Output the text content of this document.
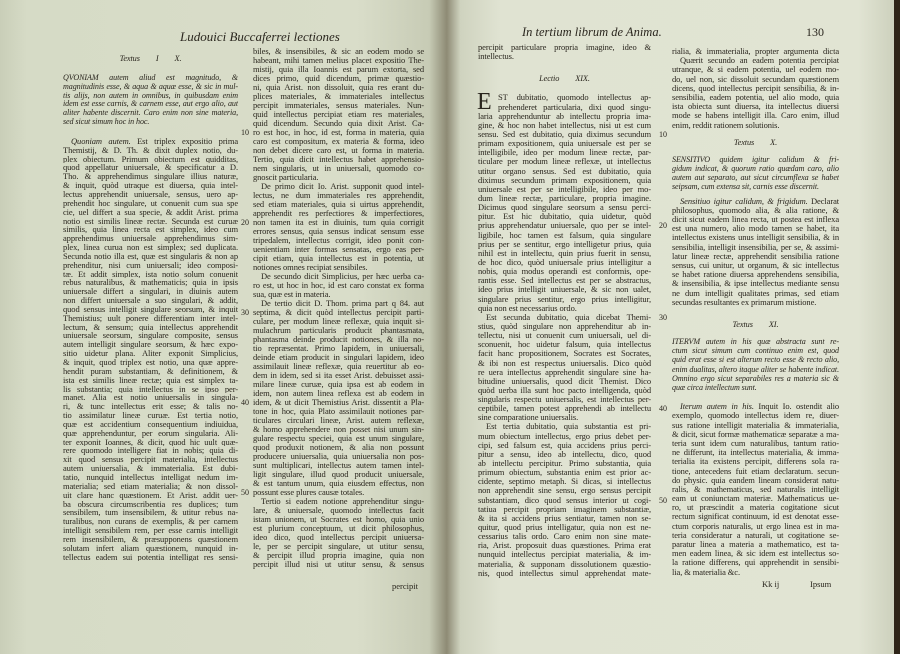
Ludouici Buccaferrei lectiones	In tertium librum de Anima.	130
Textus I X.
QVONIAM autem aliud est magnitudo, &
magnitudinis esse, & aqua & aquæ esse, & sic in mul-
tis alijs, non autem in omnibus, in quibusdam enim
idem est esse carnis, & carnem esse, aut ergo alio, aut
aliter habente discernit. Caro enim non sine materia,
sed sicut simum hoc in hoc.
Quoniam autem. Est triplex expositio prima
Themistij, & D. Th. & dixit duplex notio, du-
plex obiectum. Primum obiectum est quidditas,
quod appellatur uniuersale, & specificatur a D.
Tho. & apprehendimus singulare illius naturæ,
& inquit, quòd utraque est diuersa, quia intel-
lectus apprehendit uniuersale, sensus, uero ap-
prehendit hoc singulare, ut conuenit cum sua spe
cie, uel differt a sua specie, & addit Arist. prima
notio est similis lineæ rectæ. Secunda est curuæ
similis, quia linea recta est simplex, ideo cum
apprehendimus uniuersale apprehendimus sim-
plex, linea curua non est simplex; sed duplicata.
Secunda notio illa est, quæ est singularis & non ap
prehenditur, nisi cum uniuersali; ideo composi-
tæ. Et addit simplex, ista notio solum conuenit
rebus naturalibus, & mathematicis; quia in ipsis
uniuersale differt a singulari, in diuinis autem
non differt uniuersale a suo singulari, & addit,
quod sensus intelligit singulare seorsum, & inquit
Themistius; uult ponere differentiam inter intel-
lectum, & sensum; quia intellectus apprehendit
uniuersale seorsum, singulare composite, sensus
autem intelligit singulare seorsum, & hæc expo-
sitio uidetur plana. Aliter exponit Simplicius,
& inquit, quod triplex est notio, una quæ appre-
hendit puram substantiam, & definitionem, &
ista est similis lineæ rectæ; quia est simplex ta-
lis substantia; quia intellectus in se ipso per-
manet. Alia est notio uniuersalis in singula-
ri, & tunc intellectus erit esse; & talis no-
tio assimilatur lineæ curuæ. Est tertia notio,
quæ est accidentium consequentium indiuidua,
quæ apprehenduntur, per eorum singularia. Ali-
ter exponit Ioannes, & dicit, quod hic uult quæ-
rere quomodo intelligere fiat in nobis; quia di-
xit quod sensus percipit materialia, intellectus
autem uniuersalia, & immaterialia. Est dubi-
tatio, nunquid intellectus intelligat nedum im-
materialia; sed etiam materialia; & non dissol-
uit clare hanc quæstionem. Et Arist. addit uer-
ba obscura circumscribentia res duplices; tum
sensibilem, tum insensibilem, & utitur rebus na-
turalibus, non curans de exemplis, & per carnem
intelligit sensibilem rem, per esse carnis intelligit
rem insensibilem, & præsupponens quæstionem
solutam infert aliam quæstionem, nunquid in-
tellectus eadem sui potentia intelligat res sensi-
biles, & insensibiles, & sic an eodem modo se
habeant, mihi tamen melius placet expositio The-
mistij, quia illa Ioannis est parum extorta, sed
dices primo, quid dicendum, primæ quæstio-
ni, quia Arist. non dissoluit, quia res erant du-
plices materiales, & immateriales intellectus
percipit immateriales, sensus materiales. Nun-
quid intellectus percipiat etiam res materiales,
quid dicendum. Secundo quia dixit Arist. Ca-
ro est hoc, in hoc, id est, forma in materia, quia
10
caro est compositum, ex materia & forma, ideo
non debet dicere caro est, ut forma in materia.
Tertio, quia dicit intellectus habet apprehensio-
nem singularis, ut in uniuersali, quomodo co-
gnoscit particularia.
De primo dicit Io. Arist. supponit quod intel-
lectus, ne dum immateriales res apprehendit,
sed etiam materiales, quia si uirtus apprehendit,
apprehendit res perfectiores & imperfectiores,
non tamen ita est in diuinis, tum quia corrigit
20
errores sensus, quia sensus indicat sensum esse
tripedalem, intellectus corrigit, ideo ponit con-
uenientiam inter formas sensatas, ergo eas per-
cipit etiam, quia intellectus est in potentia, ut
notiones omnes recipiat sensibiles.
De secundo dicit Simplicius, per hæc uerba ca-
ro est, ut hoc in hoc, id est caro constat ex forma
sua, quæ est in materia.
De tertio dicit D. Thom. prima part q 84. aut
septima, & dicit quòd intellectus percipit parti-
30
culare, per modum lineæ reflexæ, quia inquit si-
mulachrum particularis producit phantasmata,
phantasma deinde producit notiones, & illa no-
tio repræsentat. Primo lapidem, in uniuersali,
deinde etiam producit in singulari lapidem, ideo
assimilauit lineæ reflexæ, quia reuertitur ab eo-
dem in idem, sed si ita esset Arist. debuisset assi-
milare lineæ curuæ, quia ipsa est ab eodem in
idem, non autem linea reflexa est ab eodem in
idem, & ut dicit Themistius Arist. dissentit a Pla-
40
tone in hoc, quia Plato assimilauit notiones par-
ticulares circulari lineæ, Arist. autem reflexæ,
& homo apprehendere non posset nisi unum sin-
gulare respectu speciei, quia est unum singulare,
quod produxit notionem, & alia non possunt
producere uniuersalia, quia uniuersalia non pos-
sunt multiplicari, intellectus autem tamen intel-
ligit singulare, illud quod producit uniuersale,
& est tantum unum, quia eiusdem effectus, non
possunt esse plures causæ totales.
50
Tertio si eadem notione apprehenditur singu-
lare, & uniuersale, quomodo intellectus facit
istam unionem, ut Socrates est homo, quia unio
est plurium conceptuum, ut dicit philosophus,
ideo dico, quod intellectus percipit uniuersa-
le, per se percipit singulare, ut utitur sensu,
& percipit illud propria imagine, quia non
percipit illud nisi ut utitur sensu, & sensus
percipit particulare propria imagine, ideo &
intellectus.
Lectio XIX.
ST dubitatio, quomodo intellectus ap-
E prehenderet particularia, dixi quod singu-
laria apprehenduntur ab intellectu propria ima-
gine, & hoc non habet intellectus, nisi ut est cum
sensu. Sed est dubitatio, quia diximus secundum 10
primam expositionem, quia uniuersale est per se
intelligibile, ideo per modum lineæ rectæ, par-
ticulare per modum lineæ reflexæ, ut intellectus
utitur organo sensus. Sed est dubitatio, quia
diximus secundum primam expositionem, quia
uniuersale est per se intelligibile, ideo per mo-
dum lineæ rectæ, particulare, propria imagine.
Dicimus quod singulare seorsum a sensu perci-
pitur. Est hic dubitatio, quia uidetur, quòd
prius apprehendatur uniuersale, quo per se intel- 20
ligibile, hoc tamen est falsum, quia singulare
prius per se sentitur, ergo intelligetur prius, quia
nihil est in intellectu, quin prius fuerit in sensu,
de hoc dico, quòd uniuersale prius intelligitur a
nobis, quia modus operandi est conformis, ope-
rantis esse. Sed intellectus est per se abstractus,
ideo prius intelligit uniuersale, & sic non ualet,
singulare prius sentitur, ergo prius intelligitur,
quia non est necessarius ordo.
Est secunda dubitatio, quia dicebat Themi- 30
stius, quòd singulare non apprehenditur ab in-
tellectu, nisi ut conuenit cum uniuersali, uel di-
sconuenit, hoc uidetur falsum, quia intellectus
facit hanc propositionem, Socrates est Socrates,
& ibi non est respectus uniuersalis. Dico quòd
re uera intellectus apprehendit singulare sine ha-
bitudine uniuersalis, quod dicit Themist. Dico
quòd uerba illa sunt hoc pacto intelligenda, quòd
singularis respectu uniuersalis, est intellectus per-
ceptibile, tamen potest apprehendi ab intellectu 40
sine comparatione uniuersalis.
Est tertia dubitatio, quia substantia est pri-
mum obiectum intellectus, ergo prius debet per-
cipi, sed falsum est, quia accidens prius perci-
pitur a sensu, ideo ab intellectu, dico, quod
ab intellectu percipitur. Primo substantia, quia
primum obiectum, substantia enim est prior ac-
cidente, septimo metaph. Si dicas, si intellectus
non apprehendit sine sensu, ergo sensus percipit
substantiam, dico quod sensus interior ut cogi- 50
tatiua percipit propriam imaginem substantiæ,
& ita si accidens prius sentiatur, tamen non se-
quitur, quod prius intelligatur, quia non est ne-
cessarius talis ordo. Caro enim non sine mate-
ria, Arist. proposuit duas quæstiones. Prima erat
nunquid intellectus percipiat materialia, & im-
materialia, & supponam dissolutionem quæstio-
nis, quod intellectus simul apprehendat mate-
rialia, & immaterialia, propter argumenta dicta
Quærit secundo an eadem potentia percipiat
utranque, & si eadem potentia, uel eodem mo-
do, uel non, sic dissoluit secundam quæstionem
dicens, quod intellectus percipit sensibilia, & in-
sensibilia, eadem potentia, uel alio modo, quia
ista obiecta sunt diuersa, ita intellectus diuersi
mode se habens intelligit illa. Caro enim, illud
enim, reddit rationem solutionis.
Textus X.
SENSITIVO quidem igitur calidum & fri-
gidum indicat, & quorum ratio quædam caro, alio
autem aut separato, aut sicut circumflexa se habet
seipsam, cum extensa sit, carnis esse discernit.
Sensitiuo igitur calidum, & frigidum. Declarat
philosophus, quomodo alia, & alia ratione, &
dicit sicut eadem linea recta, ut postea est inflexa
est una numero, alio modo tamen se habet, ita
intellectus existens unus intelligit sensibilia, & in
sensibilia, intelligit insensibilia, per se, & assimi-
latur lineæ rectæ, apprehendit sensibilia ratione
sensus, cui unitur, ut organum, & sic intellectus
se habet ratione diuersa apprehendens sensibilia,
& insensibilia, & ipse intellectus mediante sensu
ne dum intelligit qualitates primas, sed etiam
secundas resultantes ex primarum mistione.
Textus XI.
ITERVM autem in his quæ abstracta sunt re-
ctum sicut simum cum continuo enim est, quod
quid erat esse si est alterum recto esse & recto alio,
enim dualitas, altero itaque aliter se habente indicat.
Omnino ergo sicut separabiles res a materia sic &
quæ circa intellectum sunt.
Iterum autem in his. Inquit Io. ostendit alio
exemplo, quomodo intellectus idem re, diuer-
sus ratione intelligit materialia & immaterialia,
& dicit, sicut formæ mathematicæ separatæ a ma-
teria sunt idem cum naturalibus, tantum ratio-
ne differunt, ita intellectus materialia, & imma-
terialia ita existens percipit, differens sola ra-
tione, antecedens fuit etiam declaratum. secun-
do physic. quia eandem lineam considerat natu-
ralis, & mathematicus, sed naturalis intelligit
eam ut coniunctam materiæ. Mathematicus ue-
ro, ut præscindit a materia cogitatione sicut
rectum significat continuum, id est denotat esse-
ctum corporis naturalis, ut ergo linea est in ma-
teria consideratur a naturali, ut cogitatione se-
paratur linea a materia a mathematico, est ta-
men eadem linea, & sic idem est intellectus so-
la ratione differens, qui apprehendit in sensibi-
lia, & materialia &c.
percipit	Kk ij	Ipsum
